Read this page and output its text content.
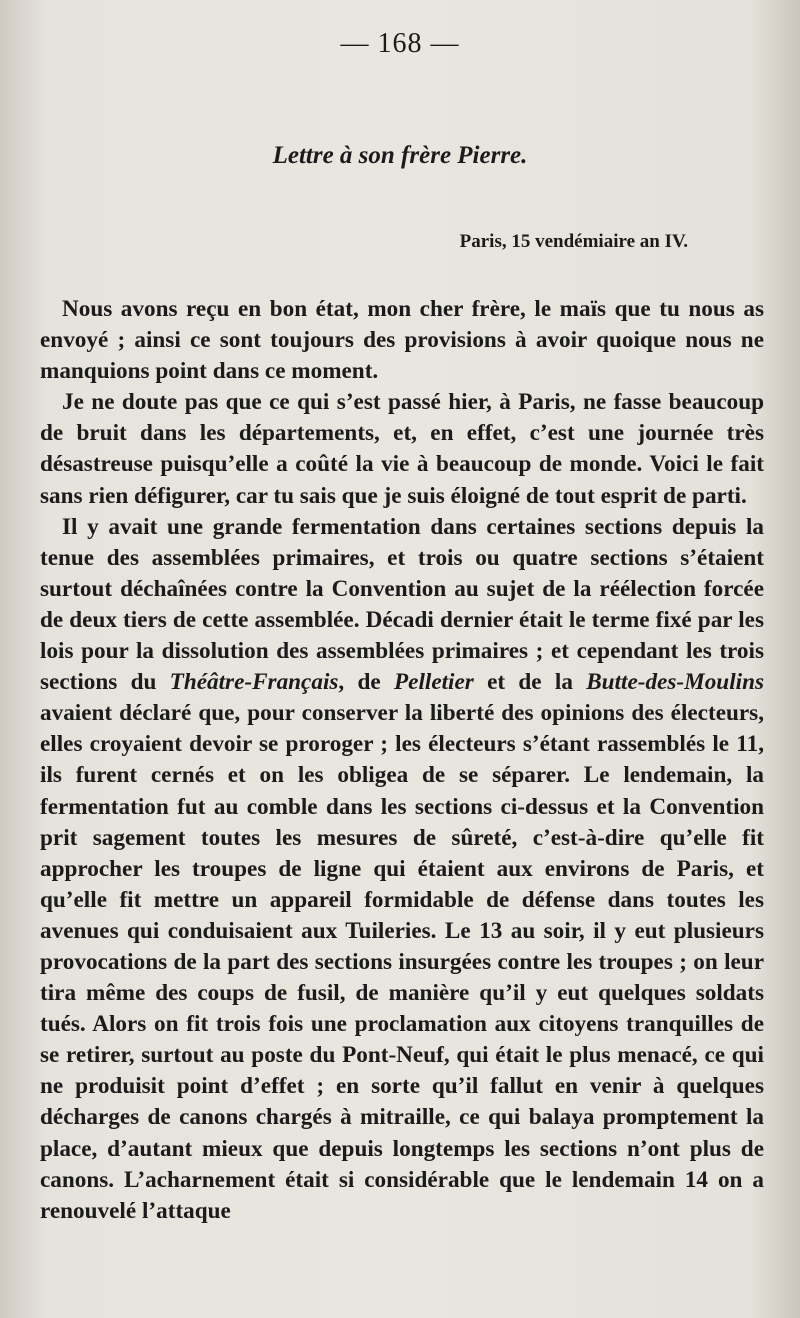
— 168 —
Lettre à son frère Pierre.
Paris, 15 vendémiaire an IV.

Nous avons reçu en bon état, mon cher frère, le maïs que tu nous as envoyé ; ainsi ce sont toujours des provisions à avoir quoique nous ne manquions point dans ce moment.

Je ne doute pas que ce qui s’est passé hier, à Paris, ne fasse beaucoup de bruit dans les départements, et, en effet, c’est une journée très désastreuse puisqu’elle a coûté la vie à beaucoup de monde. Voici le fait sans rien défigurer, car tu sais que je suis éloigné de tout esprit de parti.

Il y avait une grande fermentation dans certaines sections depuis la tenue des assemblées primaires, et trois ou quatre sections s’étaient surtout déchaînées contre la Convention au sujet de la réélection forcée de deux tiers de cette assemblée. Décadi dernier était le terme fixé par les lois pour la dissolution des assemblées primaires ; et cependant les trois sections du Théâtre-Français, de Pelletier et de la Butte-des-Moulins avaient déclaré que, pour conserver la liberté des opinions des électeurs, elles croyaient devoir se proroger ; les électeurs s’étant rassemblés le 11, ils furent cernés et on les obligea de se séparer. Le lendemain, la fermentation fut au comble dans les sections ci-dessus et la Convention prit sagement toutes les mesures de sûreté, c’est-à-dire qu’elle fit approcher les troupes de ligne qui étaient aux environs de Paris, et qu’elle fit mettre un appareil formidable de défense dans toutes les avenues qui conduisaient aux Tuileries. Le 13 au soir, il y eut plusieurs provocations de la part des sections insurgées contre les troupes ; on leur tira même des coups de fusil, de manière qu’il y eut quelques soldats tués. Alors on fit trois fois une proclamation aux citoyens tranquilles de se retirer, surtout au poste du Pont-Neuf, qui était le plus menacé, ce qui ne produisit point d’effet ; en sorte qu’il fallut en venir à quelques décharges de canons chargés à mitraille, ce qui balaya promptement la place, d’autant mieux que depuis longtemps les sections n’ont plus de canons. L’acharnement était si considérable que le lendemain 14 on a renouvelé l’attaque
